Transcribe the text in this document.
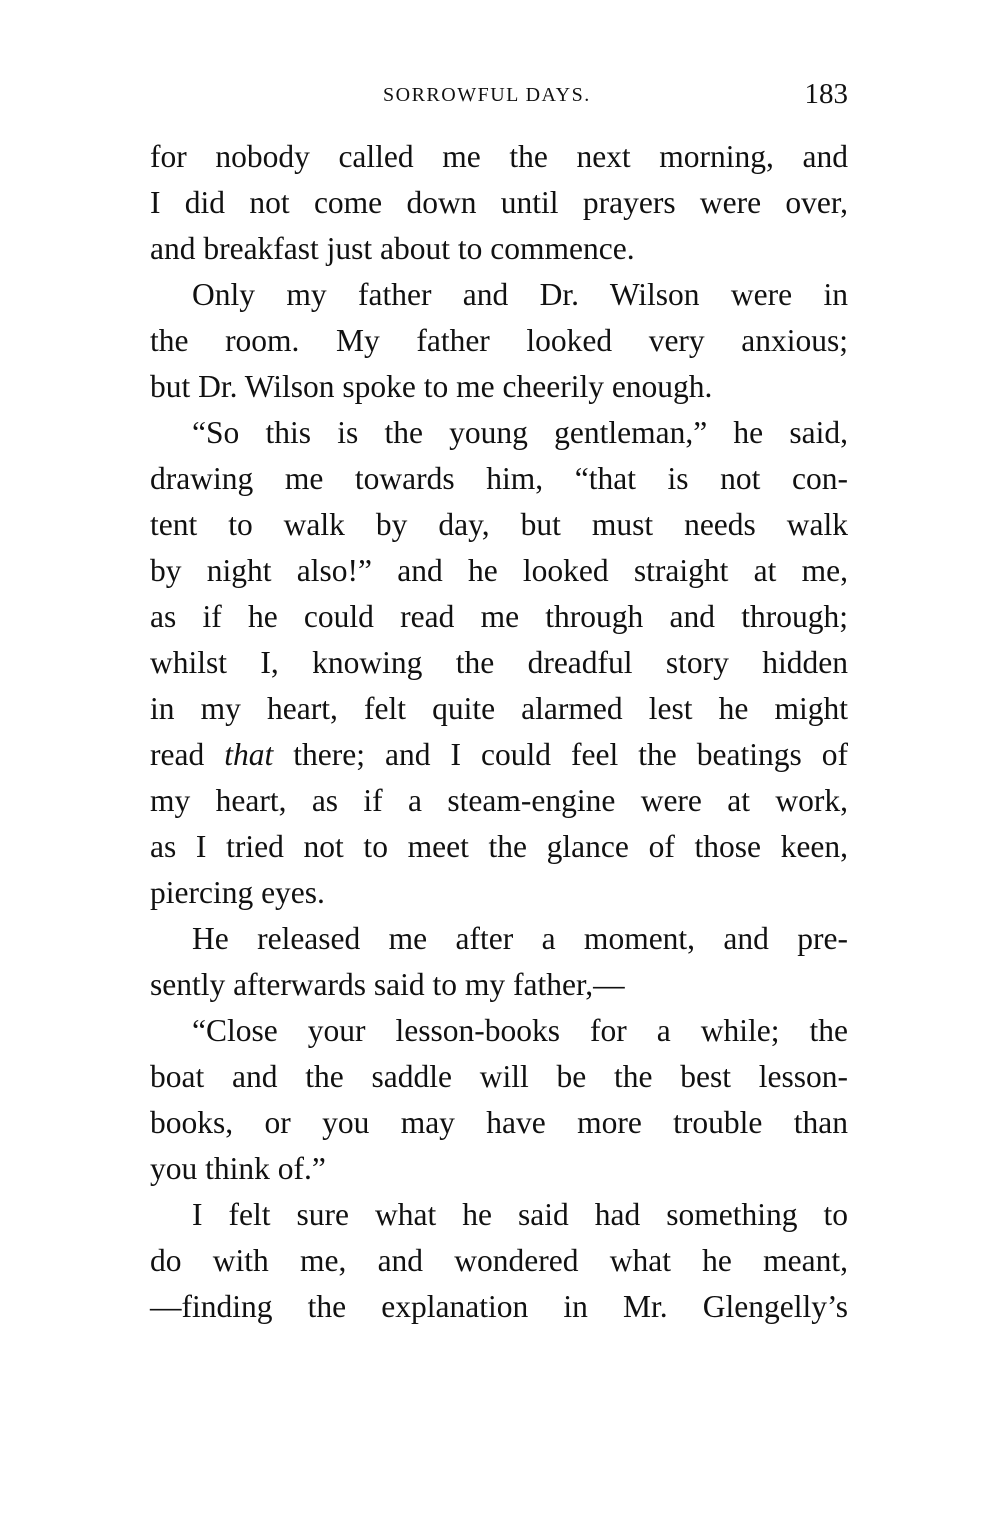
SORROWFUL DAYS.	183
for nobody called me the next morning, and
I did not come down until prayers were over,
and breakfast just about to commence.
Only my father and Dr. Wilson were in
the room. My father looked very anxious;
but Dr. Wilson spoke to me cheerily enough.
“So this is the young gentleman,” he said,
drawing me towards him, “that is not con-
tent to walk by day, but must needs walk
by night also!” and he looked straight at me,
as if he could read me through and through;
whilst I, knowing the dreadful story hidden
in my heart, felt quite alarmed lest he might
read that there; and I could feel the beatings of
my heart, as if a steam-engine were at work,
as I tried not to meet the glance of those keen,
piercing eyes.
He released me after a moment, and pre-
sently afterwards said to my father,—
“Close your lesson-books for a while; the
boat and the saddle will be the best lesson-
books, or you may have more trouble than
you think of.”
I felt sure what he said had something to
do with me, and wondered what he meant,
—finding the explanation in Mr. Glengelly’s
